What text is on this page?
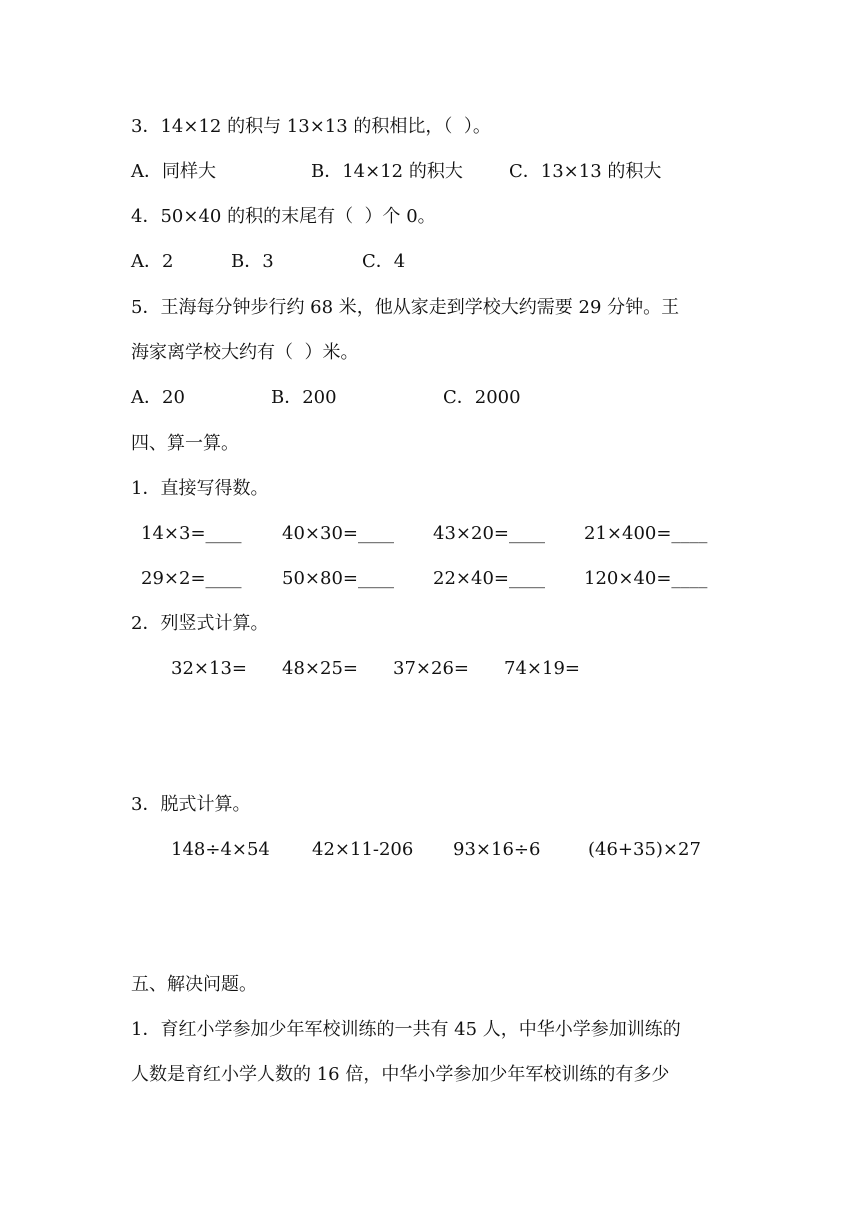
3．14×12 的积与 13×13 的积相比，（  ）。
A．同样大	B．14×12 的积大	C．13×13 的积大
4．50×40 的积的末尾有（  ）个 0。
A．2	B．3	C．4
5．王海每分钟步行约 68 米，他从家走到学校大约需要 29 分钟。王
海家离学校大约有（  ）米。
A．20	B．200	C．2000
四、算一算。
1．直接写得数。
14×3=____ 40×30=____ 43×20=____ 21×400=____
29×2=____ 50×80=____ 22×40=____ 120×40=____
2．列竖式计算。
32×13= 48×25= 37×26= 74×19=
3．脱式计算。
148÷4×54 42×11-206 93×16÷6	(46+35)×27
五、解决问题。
1．育红小学参加少年军校训练的一共有 45 人，中华小学参加训练的
人数是育红小学人数的 16 倍，中华小学参加少年军校训练的有多少
